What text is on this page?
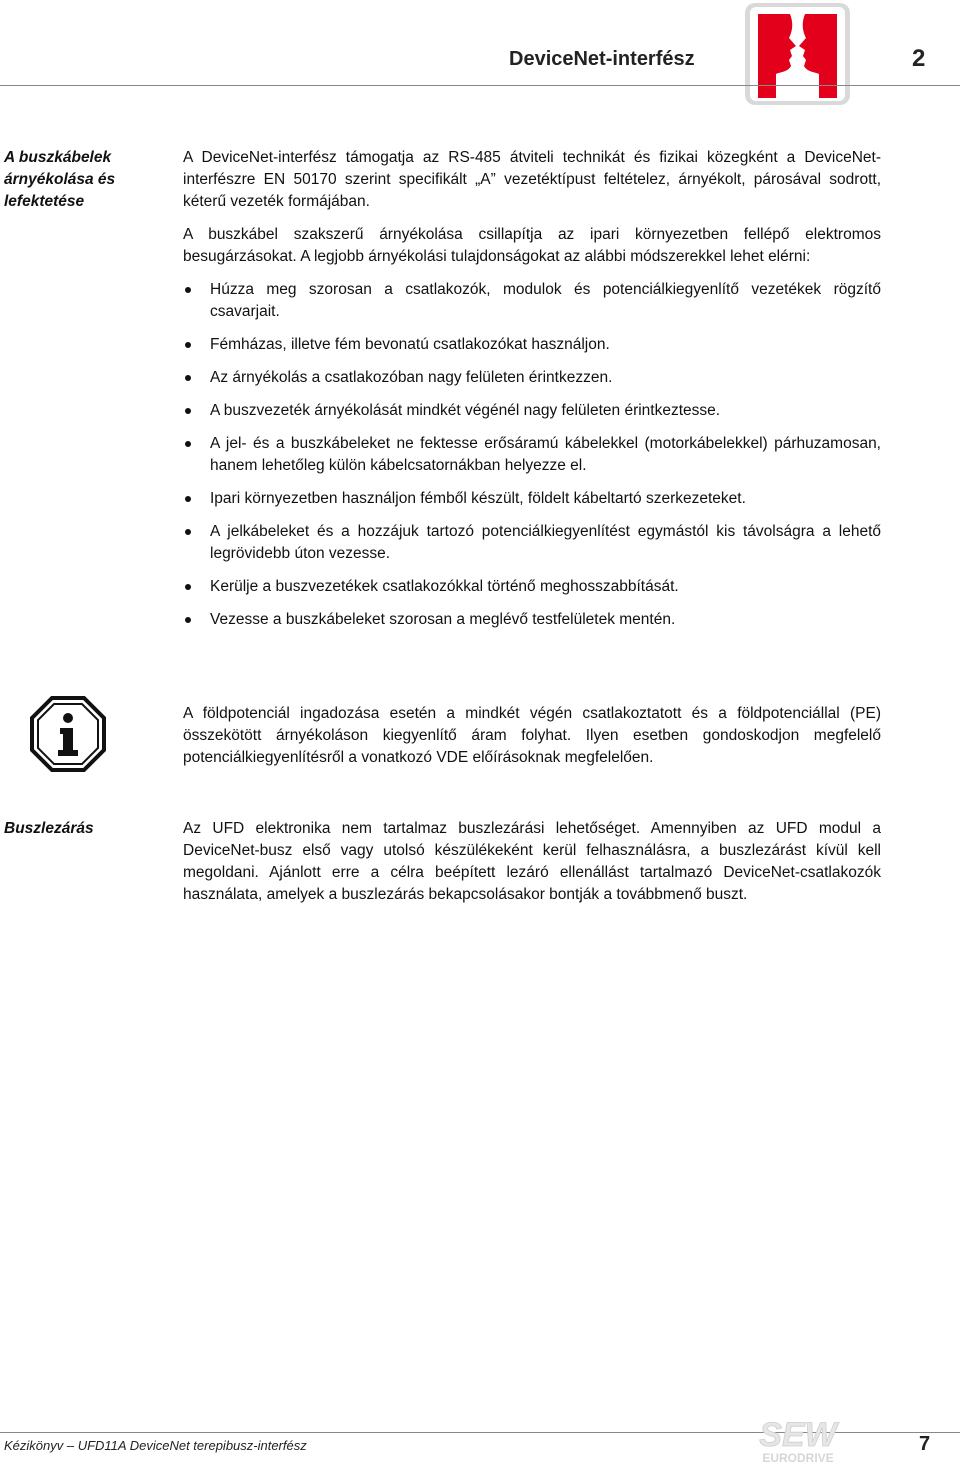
DeviceNet-interfész	2
A buszkábelek árnyékolása és lefektetése

A DeviceNet-interfész támogatja az RS-485 átviteli technikát és fizikai közegként a DeviceNet-interfészre EN 50170 szerint specifikált „A” vezetéktípust feltételez, árnyékolt, párosával sodrott, kéterű vezeték formájában.

A buszkábel szakszerű árnyékolása csillapítja az ipari környezetben fellépő elektromos besugárzásokat. A legjobb árnyékolási tulajdonságokat az alábbi módszerekkel lehet elérni:

Húzza meg szorosan a csatlakozók, modulok és potenciálkiegyenlítő vezetékek rögzítő csavarjait.
Fémházas, illetve fém bevonatú csatlakozókat használjon.
Az árnyékolás a csatlakozóban nagy felületen érintkezzen.
A buszvezeték árnyékolását mindkét végénél nagy felületen érintkeztesse.
A jel- és a buszkábeleket ne fektesse erősáramú kábelekkel (motorkábelekkel) párhuzamosan, hanem lehetőleg külön kábelcsatornákban helyezze el.
Ipari környezetben használjon fémből készült, földelt kábeltartó szerkezeteket.
A jelkábeleket és a hozzájuk tartozó potenciálkiegyenlítést egymástól kis távolságra a lehető legrövidebb úton vezesse.
Kerülje a buszvezetékek csatlakozókkal történő meghosszabbítását.
Vezesse a buszkábeleket szorosan a meglévő testfelületek mentén.
A földpotenciál ingadozása esetén a mindkét végén csatlakoztatott és a földpotenciállal (PE) összekötött árnyékoláson kiegyenlítő áram folyhat. Ilyen esetben gondoskodjon megfelelő potenciálkiegyenlítésről a vonatkozó VDE előírásoknak megfelelően.
Buszlezárás	Az UFD elektronika nem tartalmaz buszlezárási lehetőséget. Amennyiben az UFD modul a DeviceNet-busz első vagy utolsó készülékeként kerül felhasználásra, a buszlezárást kívül kell megoldani. Ajánlott erre a célra beépített lezáró ellenállást tartalmazó DeviceNet-csatlakozók használata, amelyek a buszlezárás bekapcsolásakor bontják a továbbmenő buszt.
Kézikönyv – UFD11A DeviceNet terepibusz-interfész	SEW
EURODRIVE
7
